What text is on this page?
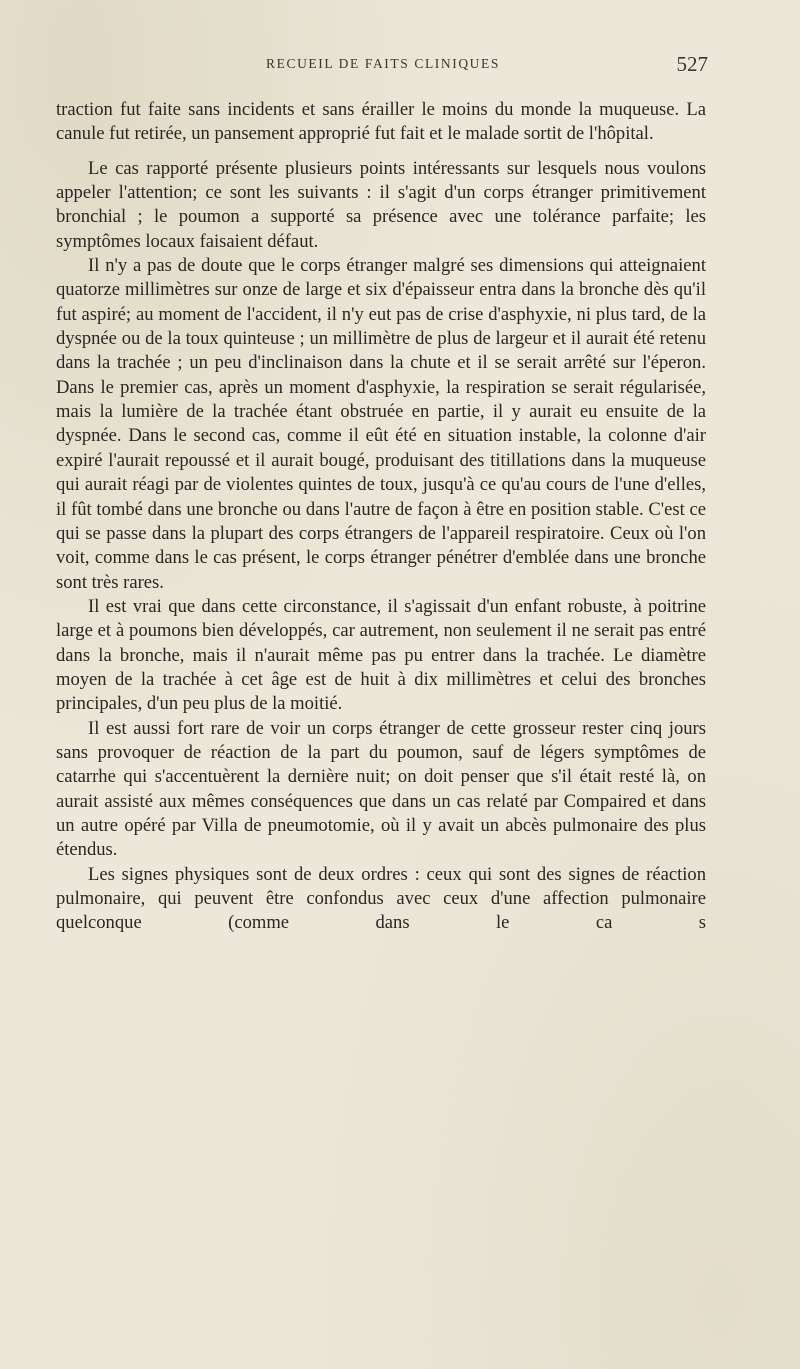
RECUEIL DE FAITS CLINIQUES	527

traction fut faite sans incidents et sans érailler le moins du monde la muqueuse. La canule fut retirée, un pansement approprié fut fait et le malade sortit de l'hôpital.

Le cas rapporté présente plusieurs points intéressants sur lesquels nous voulons appeler l'attention; ce sont les suivants : il s'agit d'un corps étranger primitivement bronchial ; le poumon a supporté sa présence avec une tolérance parfaite; les symptômes locaux faisaient défaut.

Il n'y a pas de doute que le corps étranger malgré ses dimensions qui atteignaient quatorze millimètres sur onze de large et six d'épaisseur entra dans la bronche dès qu'il fut aspiré; au moment de l'accident, il n'y eut pas de crise d'asphyxie, ni plus tard, de la dyspnée ou de la toux quinteuse ; un millimètre de plus de largeur et il aurait été retenu dans la trachée ; un peu d'inclinaison dans la chute et il se serait arrêté sur l'éperon. Dans le premier cas, après un moment d'asphyxie, la respiration se serait régularisée, mais la lumière de la trachée étant obstruée en partie, il y aurait eu ensuite de la dyspnée. Dans le second cas, comme il eût été en situation instable, la colonne d'air expiré l'aurait repoussé et il aurait bougé, produisant des titillations dans la muqueuse qui aurait réagi par de violentes quintes de toux, jusqu'à ce qu'au cours de l'une d'elles, il fût tombé dans une bronche ou dans l'autre de façon à être en position stable. C'est ce qui se passe dans la plupart des corps étrangers de l'appareil respiratoire. Ceux où l'on voit, comme dans le cas présent, le corps étranger pénétrer d'emblée dans une bronche sont très rares.

Il est vrai que dans cette circonstance, il s'agissait d'un enfant robuste, à poitrine large et à poumons bien développés, car autrement, non seulement il ne serait pas entré dans la bronche, mais il n'aurait même pas pu entrer dans la trachée. Le diamètre moyen de la trachée à cet âge est de huit à dix millimètres et celui des bronches principales, d'un peu plus de la moitié.

Il est aussi fort rare de voir un corps étranger de cette grosseur rester cinq jours sans provoquer de réaction de la part du poumon, sauf de légers symptômes de catarrhe qui s'accentuèrent la dernière nuit; on doit penser que s'il était resté là, on aurait assisté aux mêmes conséquences que dans un cas relaté par Compaired et dans un autre opéré par Villa de pneumotomie, où il y avait un abcès pulmonaire des plus étendus.

Les signes physiques sont de deux ordres : ceux qui sont des signes de réaction pulmonaire, qui peuvent être confondus avec ceux d'une affection pulmonaire quelconque (comme dans le ca s
